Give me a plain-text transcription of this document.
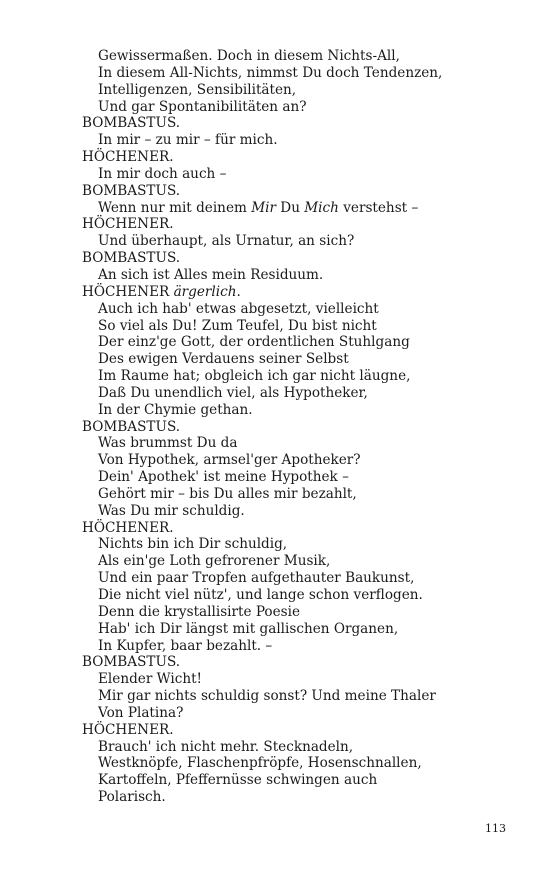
Gewissermaßen. Doch in diesem Nichts-All,
In diesem All-Nichts, nimmst Du doch Tendenzen,
Intelligenzen, Sensibilitäten,
Und gar Spontanibilitäten an?
BOMBASTUS.
In mir – zu mir – für mich.
HÖCHENER.
In mir doch auch –
BOMBASTUS.
Wenn nur mit deinem Mir Du Mich verstehst –
HÖCHENER.
Und überhaupt, als Urnatur, an sich?
BOMBASTUS.
An sich ist Alles mein Residuum.
HÖCHENER ärgerlich.
Auch ich hab' etwas abgesetzt, vielleicht
So viel als Du! Zum Teufel, Du bist nicht
Der einz'ge Gott, der ordentlichen Stuhlgang
Des ewigen Verdauens seiner Selbst
Im Raume hat; obgleich ich gar nicht läugne,
Daß Du unendlich viel, als Hypotheker,
In der Chymie gethan.
BOMBASTUS.
Was brummst Du da
Von Hypothek, armsel'ger Apotheker?
Dein' Apothek' ist meine Hypothek –
Gehört mir – bis Du alles mir bezahlt,
Was Du mir schuldig.
HÖCHENER.
Nichts bin ich Dir schuldig,
Als ein'ge Loth gefrorener Musik,
Und ein paar Tropfen aufgethauter Baukunst,
Die nicht viel nütz', und lange schon verflogen.
Denn die krystallisirte Poesie
Hab' ich Dir längst mit gallischen Organen,
In Kupfer, baar bezahlt. –
BOMBASTUS.
Elender Wicht!
Mir gar nichts schuldig sonst? Und meine Thaler
Von Platina?
HÖCHENER.
Brauch' ich nicht mehr. Stecknadeln,
Westknöpfe, Flaschenpfröpfe, Hosenschnallen,
Kartoffeln, Pfeffernüsse schwingen auch
Polarisch.
113
